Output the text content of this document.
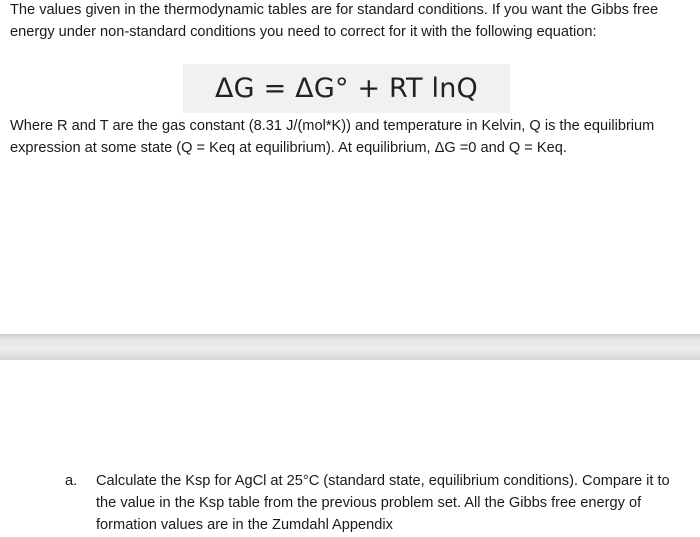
The values given in the thermodynamic tables are for standard conditions. If you want the Gibbs free energy under non-standard conditions you need to correct for it with the following equation:

ΔG = ΔG° + RT lnQ

Where R and T are the gas constant (8.31 J/(mol*K)) and temperature in Kelvin, Q is the equilibrium expression at some state (Q = Keq at equilibrium). At equilibrium, ΔG =0 and Q = Keq.

a. Calculate the Ksp for AgCl at 25°C (standard state, equilibrium conditions). Compare it to the value in the Ksp table from the previous problem set. All the Gibbs free energy of formation values are in the Zumdahl Appendix
